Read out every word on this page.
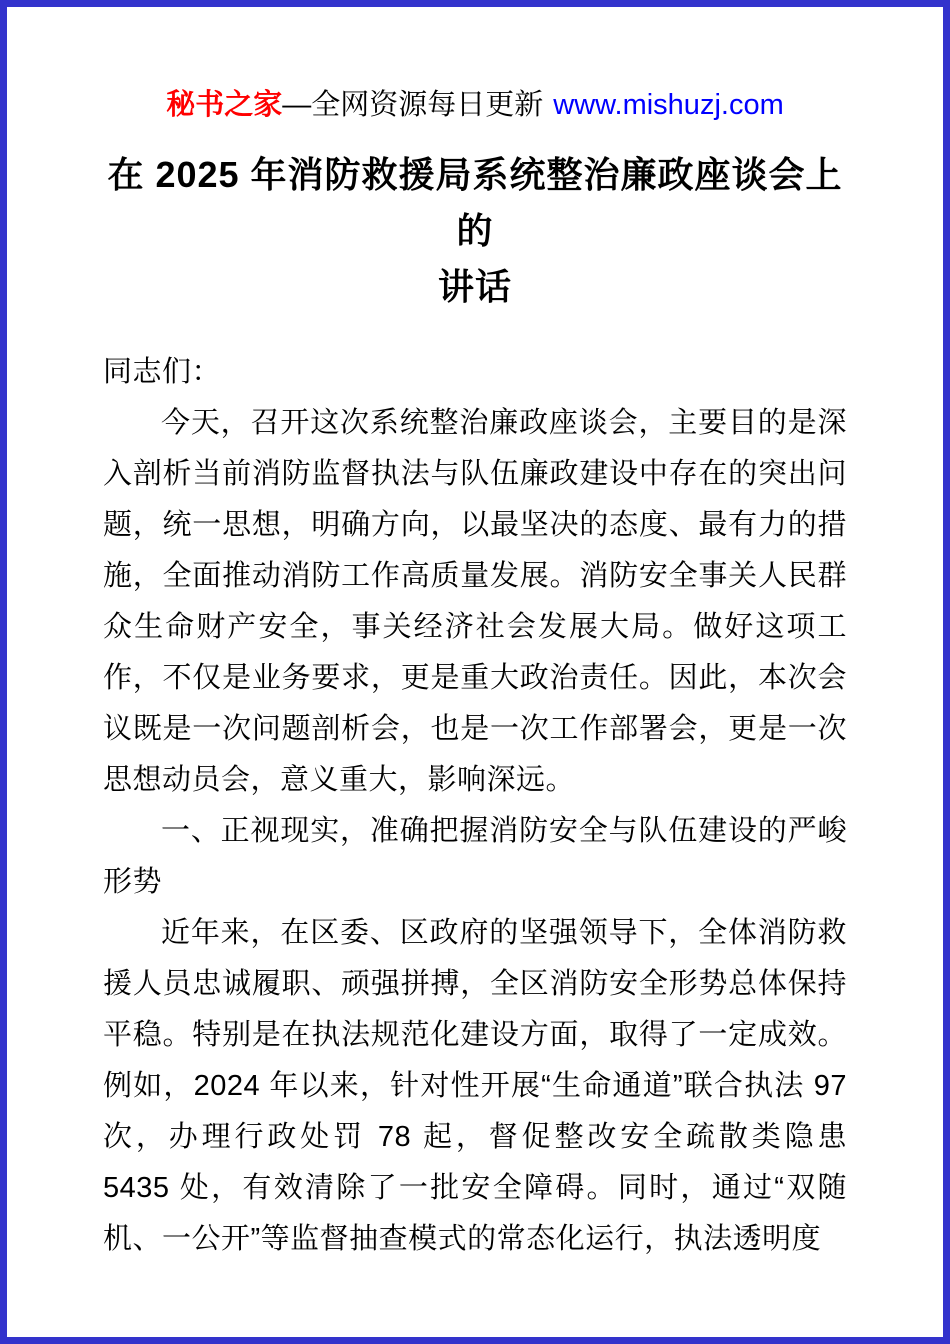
秘书之家—全网资源每日更新 www.mishuzj.com
在 2025 年消防救援局系统整治廉政座谈会上的
讲话

同志们：

今天，召开这次系统整治廉政座谈会，主要目的是深入剖析当前消防监督执法与队伍廉政建设中存在的突出问题，统一思想，明确方向，以最坚决的态度、最有力的措施，全面推动消防工作高质量发展。消防安全事关人民群众生命财产安全，事关经济社会发展大局。做好这项工作，不仅是业务要求，更是重大政治责任。因此，本次会议既是一次问题剖析会，也是一次工作部署会，更是一次思想动员会，意义重大，影响深远。

一、正视现实，准确把握消防安全与队伍建设的严峻形势

近年来，在区委、区政府的坚强领导下，全体消防救援人员忠诚履职、顽强拼搏，全区消防安全形势总体保持平稳。特别是在执法规范化建设方面，取得了一定成效。例如，2024 年以来，针对性开展“生命通道”联合执法 97 次，办理行政处罚 78 起，督促整改安全疏散类隐患 5435 处，有效清除了一批安全障碍。同时，通过“双随机、一公开”等监督抽查模式的常态化运行，执法透明度
